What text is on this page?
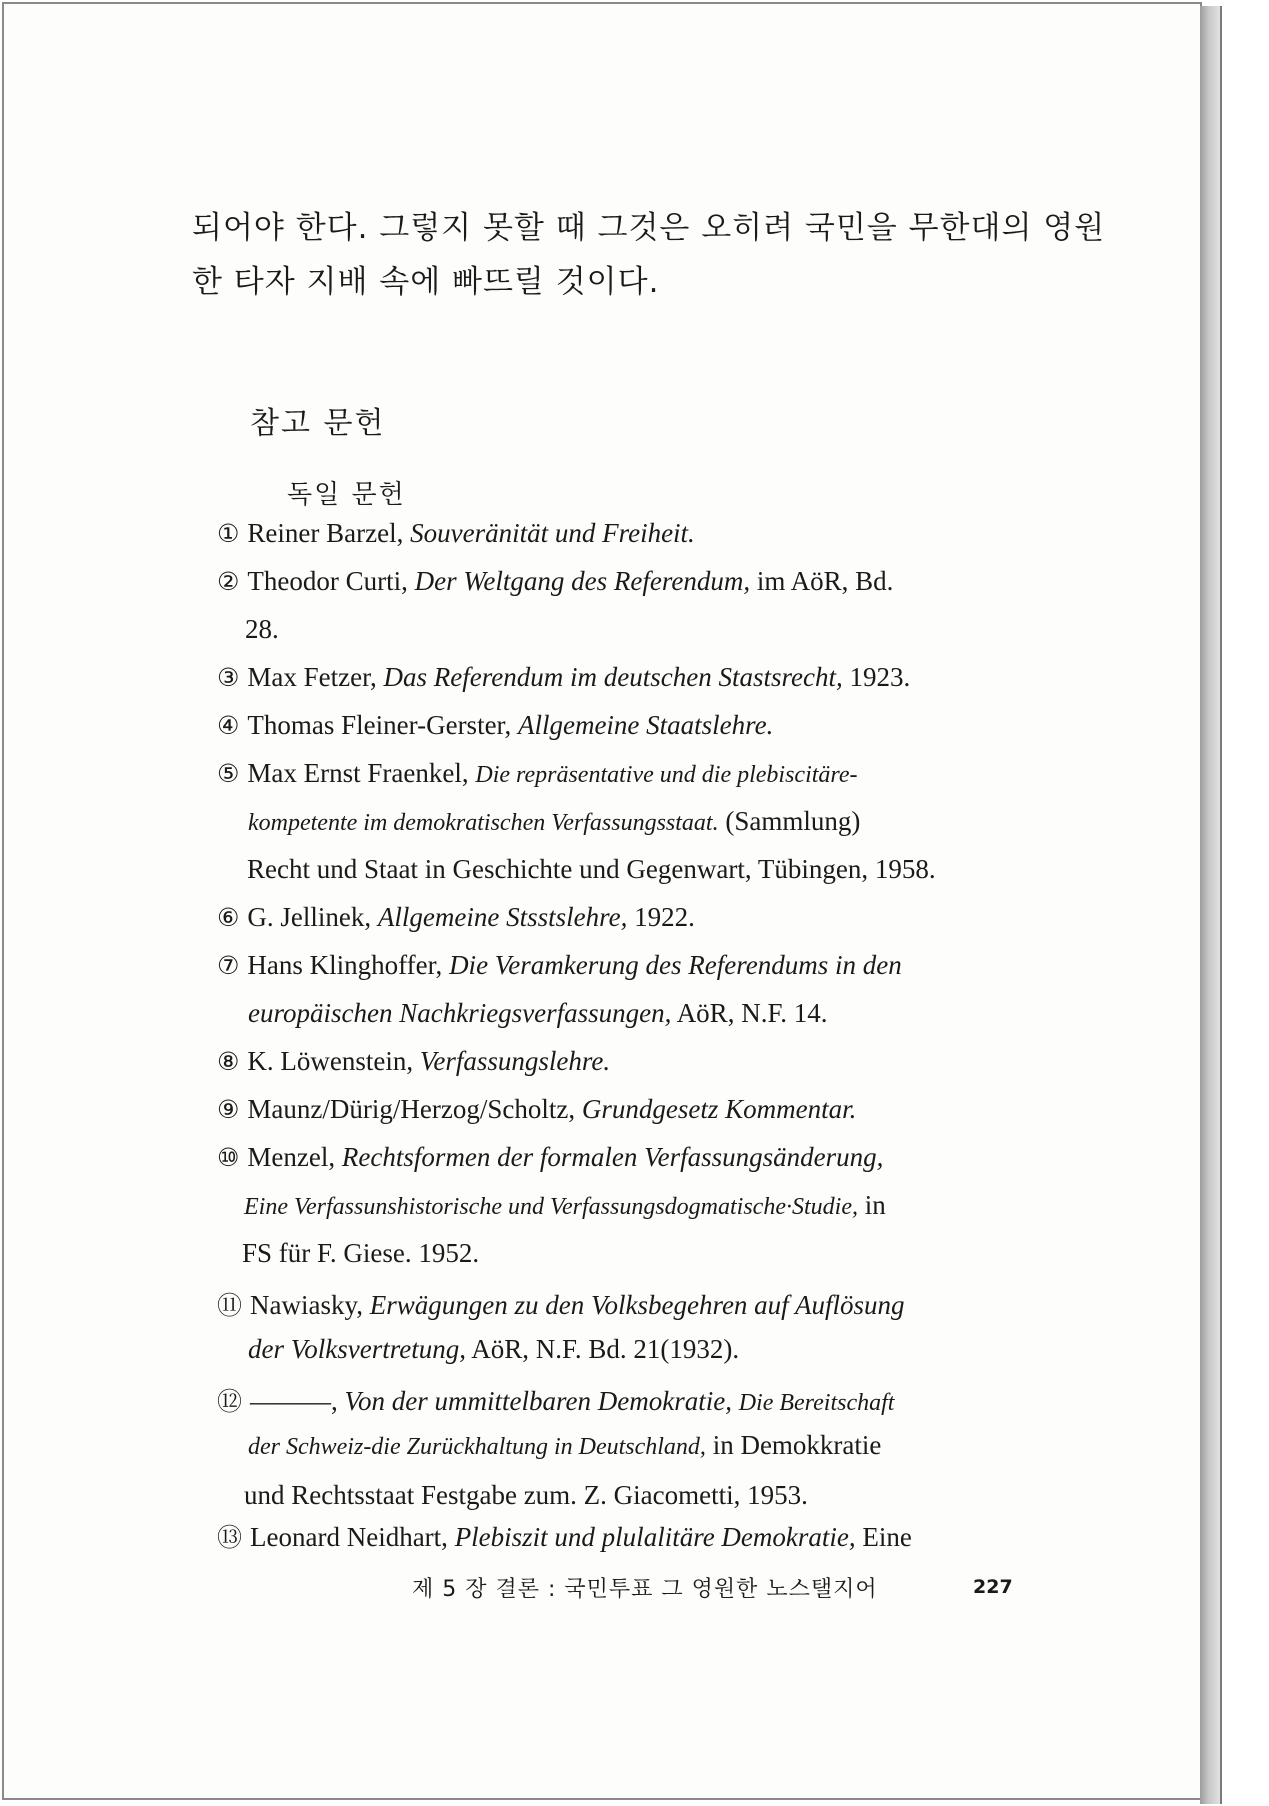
되어야 한다. 그렇지 못할 때 그것은 오히려 국민을 무한대의 영원
한 타자 지배 속에 빠뜨릴 것이다.
참고 문헌
독일 문헌
① Reiner Barzel, Souveränität und Freiheit.
② Theodor Curti, Der Weltgang des Referendum, im AöR, Bd.
28.
③ Max Fetzer, Das Referendum im deutschen Stastsrecht, 1923.
④ Thomas Fleiner-Gerster, Allgemeine Staatslehre.
⑤ Max Ernst Fraenkel, Die repräsentative und die plebiscitäre-
kompetente im demokratischen Verfassungsstaat. (Sammlung)
Recht und Staat in Geschichte und Gegenwart, Tübingen, 1958.
⑥ G. Jellinek, Allgemeine Stsstslehre, 1922.
⑦ Hans Klinghoffer, Die Veramkerung des Referendums in den
europäischen Nachkriegsverfassungen, AöR, N.F. 14.
⑧ K. Löwenstein, Verfassungslehre.
⑨ Maunz/Dürig/Herzog/Scholtz, Grundgesetz Kommentar.
⑩ Menzel, Rechtsformen der formalen Verfassungsänderung,
Eine Verfassunshistorische und Verfassungsdogmatische·Studie, in
FS für F. Giese. 1952.
⑪ Nawiasky, Erwägungen zu den Volksbegehren auf Auflösung
der Volksvertretung, AöR, N.F. Bd. 21(1932).
⑫ ———, Von der ummittelbaren Demokratie, Die Bereitschaft
der Schweiz-die Zurückhaltung in Deutschland, in Demokkratie
und Rechtsstaat Festgabe zum. Z. Giacometti, 1953.
⑬ Leonard Neidhart, Plebiszit und plulalitäre Demokratie, Eine
제 5 장 결론 : 국민투표 그 영원한 노스탤지어	227
